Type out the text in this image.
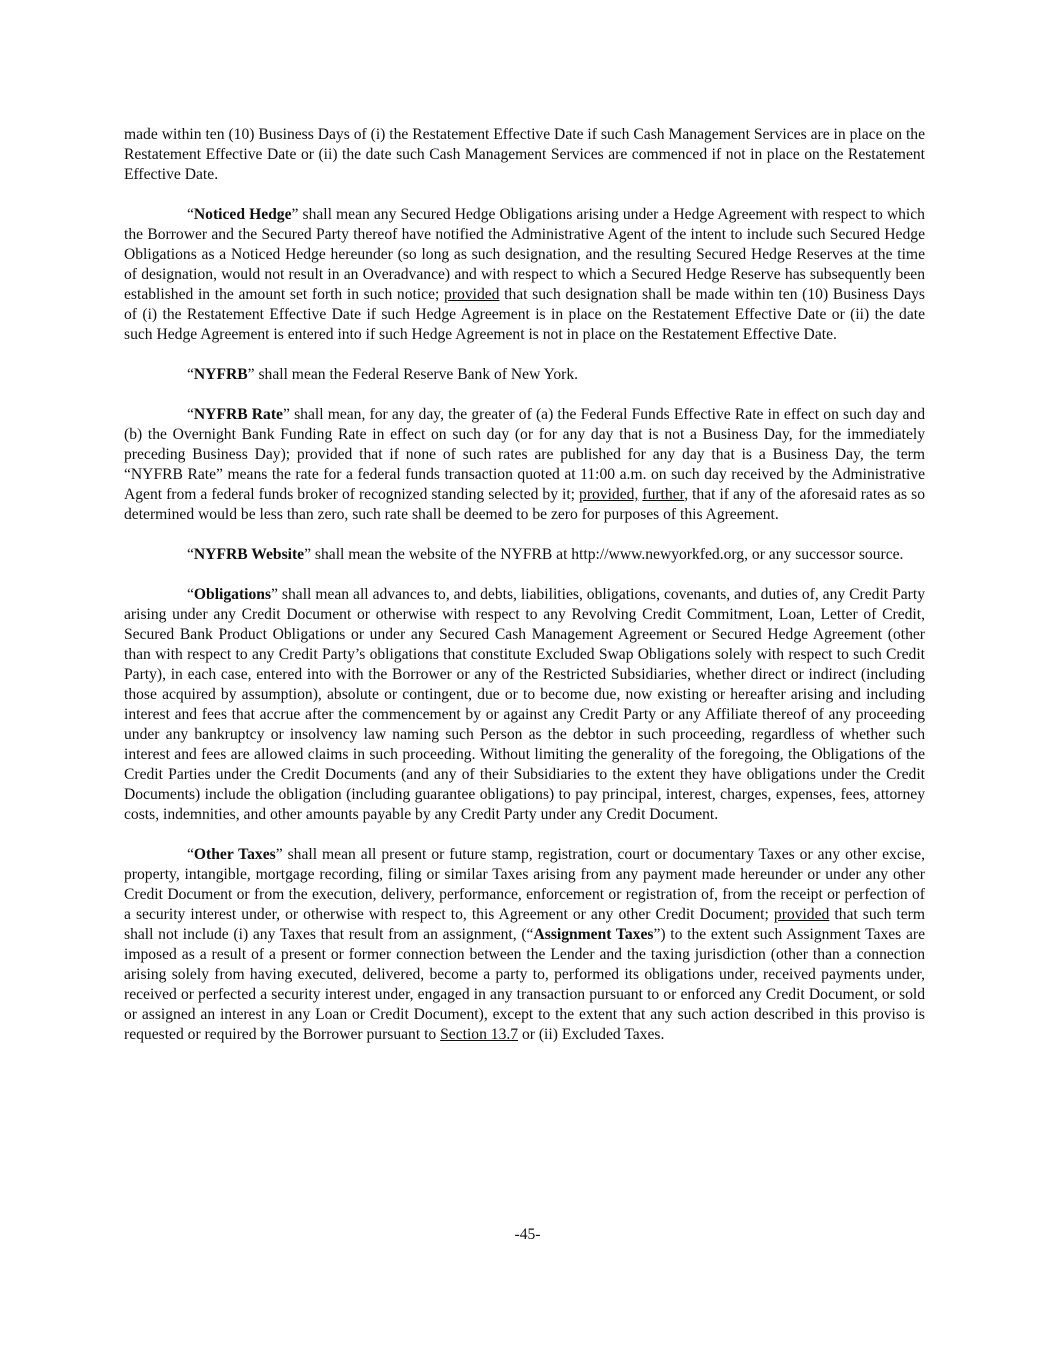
made within ten (10) Business Days of (i) the Restatement Effective Date if such Cash Management Services are in place on the Restatement Effective Date or (ii) the date such Cash Management Services are commenced if not in place on the Restatement Effective Date.

“Noticed Hedge” shall mean any Secured Hedge Obligations arising under a Hedge Agreement with respect to which the Borrower and the Secured Party thereof have notified the Administrative Agent of the intent to include such Secured Hedge Obligations as a Noticed Hedge hereunder (so long as such designation, and the resulting Secured Hedge Reserves at the time of designation, would not result in an Overadvance) and with respect to which a Secured Hedge Reserve has subsequently been established in the amount set forth in such notice; provided that such designation shall be made within ten (10) Business Days of (i) the Restatement Effective Date if such Hedge Agreement is in place on the Restatement Effective Date or (ii) the date such Hedge Agreement is entered into if such Hedge Agreement is not in place on the Restatement Effective Date.

“NYFRB” shall mean the Federal Reserve Bank of New York.

“NYFRB Rate” shall mean, for any day, the greater of (a) the Federal Funds Effective Rate in effect on such day and (b) the Overnight Bank Funding Rate in effect on such day (or for any day that is not a Business Day, for the immediately preceding Business Day); provided that if none of such rates are published for any day that is a Business Day, the term “NYFRB Rate” means the rate for a federal funds transaction quoted at 11:00 a.m. on such day received by the Administrative Agent from a federal funds broker of recognized standing selected by it; provided, further, that if any of the aforesaid rates as so determined would be less than zero, such rate shall be deemed to be zero for purposes of this Agreement.

“NYFRB Website” shall mean the website of the NYFRB at http://www.newyorkfed.org, or any successor source.

“Obligations” shall mean all advances to, and debts, liabilities, obligations, covenants, and duties of, any Credit Party arising under any Credit Document or otherwise with respect to any Revolving Credit Commitment, Loan, Letter of Credit, Secured Bank Product Obligations or under any Secured Cash Management Agreement or Secured Hedge Agreement (other than with respect to any Credit Party’s obligations that constitute Excluded Swap Obligations solely with respect to such Credit Party), in each case, entered into with the Borrower or any of the Restricted Subsidiaries, whether direct or indirect (including those acquired by assumption), absolute or contingent, due or to become due, now existing or hereafter arising and including interest and fees that accrue after the commencement by or against any Credit Party or any Affiliate thereof of any proceeding under any bankruptcy or insolvency law naming such Person as the debtor in such proceeding, regardless of whether such interest and fees are allowed claims in such proceeding. Without limiting the generality of the foregoing, the Obligations of the Credit Parties under the Credit Documents (and any of their Subsidiaries to the extent they have obligations under the Credit Documents) include the obligation (including guarantee obligations) to pay principal, interest, charges, expenses, fees, attorney costs, indemnities, and other amounts payable by any Credit Party under any Credit Document.

“Other Taxes” shall mean all present or future stamp, registration, court or documentary Taxes or any other excise, property, intangible, mortgage recording, filing or similar Taxes arising from any payment made hereunder or under any other Credit Document or from the execution, delivery, performance, enforcement or registration of, from the receipt or perfection of a security interest under, or otherwise with respect to, this Agreement or any other Credit Document; provided that such term shall not include (i) any Taxes that result from an assignment, (“Assignment Taxes”) to the extent such Assignment Taxes are imposed as a result of a present or former connection between the Lender and the taxing jurisdiction (other than a connection arising solely from having executed, delivered, become a party to, performed its obligations under, received payments under, received or perfected a security interest under, engaged in any transaction pursuant to or enforced any Credit Document, or sold or assigned an interest in any Loan or Credit Document), except to the extent that any such action described in this proviso is requested or required by the Borrower pursuant to Section 13.7 or (ii) Excluded Taxes.

-45-
